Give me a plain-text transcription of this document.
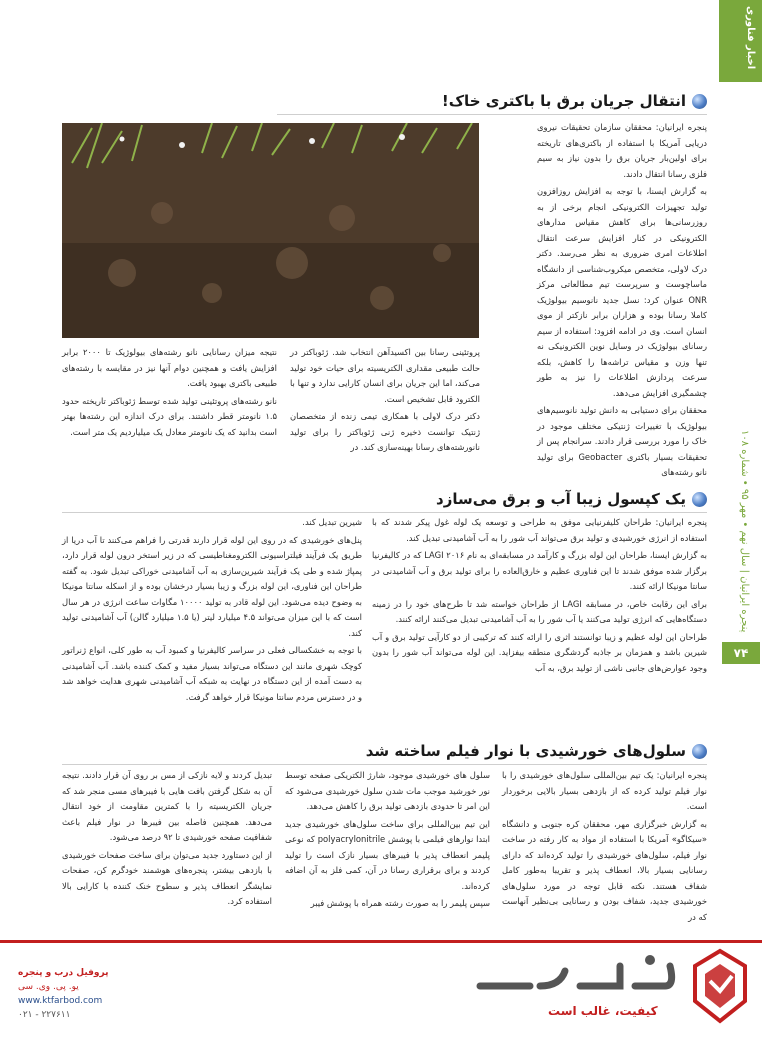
اخبار فناوری
پنجره ایرانیان | سال نهم • مهر ۹۵ • شماره ۱۰۸
۷۴
انتقال جریان برق با باکتری خاک!

پنجره ایرانیان: محققان سازمان تحقیقات نیروی دریایی آمریکا با استفاده از باکتری‌های تاریخته برای اولین‌بار جریان برق را بدون نیاز به سیم فلزی رسانا انتقال دادند.

به گزارش ایسنا، با توجه به افزایش روزافزون تولید تجهیزات الکترونیکی انجام برخی از به روزرسانی‌ها برای کاهش مقیاس مدارهای الکترونیکی در کنار افزایش سرعت انتقال اطلاعات امری ضروری به نظر می‌رسد. دکتر درک لاولی، متخصص میکروب‌شناسی از دانشگاه ماساچوست و سرپرست تیم مطالعاتی مرکز ONR عنوان کرد: نسل جدید نانوسیم بیولوژیک کاملا رسانا بوده و هزاران برابر نازکتر از موی انسان است. وی در ادامه افزود: استفاده از سیم رسانای بیولوژیک در وسایل نوین الکترونیکی نه تنها وزن و مقیاس تراشه‌ها را کاهش، بلکه سرعت پردازش اطلاعات را نیز به طور چشمگیری افزایش می‌دهد.

محققان برای دستیابی به دانش تولید نانوسیم‌های بیولوژیک با تغییرات ژنتیکی مختلف موجود در خاک را مورد بررسی قرار دادند. سرانجام پس از تحقیقات بسیار باکتری Geobacter برای تولید نانو رشته‌های

پروتئینی رسانا بین اکسیدآهن انتخاب شد. ژئوباکتر در حالت طبیعی مقداری الکتریسیته برای حیات خود تولید می‌کند، اما این جریان برای انسان کارایی ندارد و تنها با الکترود قابل تشخیص است.

دکتر درک لاولی با همکاری تیمی زنده از متخصصان ژنتیک توانست ذخیره ژنی ژئوباکتر را برای تولید نانورشته‌های رسانا بهینه‌سازی کند. در

نتیجه میزان رسانایی نانو رشته‌های بیولوژیک تا ۲۰۰۰ برابر افزایش یافت و همچنین دوام آنها نیز در مقایسه با رشته‌های طبیعی باکتری بهبود یافت.

نانو رشته‌های پروتئینی تولید شده توسط ژئوباکتر تاریخته حدود ۱.۵ نانومتر قطر داشتند. برای درک اندازه این رشته‌ها بهتر است بدانید که یک نانومتر معادل یک میلیاردیم یک متر است.

یک کپسول زیبا آب و برق می‌سازد

پنجره ایرانیان: طراحان کلیفرنیایی موفق به طراحی و توسعه یک لوله غول پیکر شدند که با استفاده از انرژی خورشیدی و تولید برق می‌تواند آب شور را به آب آشامیدنی تبدیل کند.

به گزارش ایسنا، طراحان این لوله بزرگ و کارآمد در مسابقه‌ای به نام LAGI ۲۰۱۶ که در کالیفرنیا برگزار شده موفق شدند تا این فناوری عظیم و خارق‌العاده را برای تولید برق و آب آشامیدنی در سانتا مونیکا ارائه کنند.

برای این رقابت خاص، در مسابقه LAGI از طراحان خواسته شد تا طرح‌های خود را در زمینه دستگاه‌هایی که انرژی تولید می‌کنند یا آب شور را به آب آشامیدنی تبدیل می‌کنند ارائه کنند.

طراحان این لوله عظیم و زیبا توانستند اثری را ارائه کنند که ترکیبی از دو کارآیی تولید برق و آب شیرین باشد و همزمان بر جاذبه گردشگری منطقه بیفزاید. این لوله می‌تواند آب شور را بدون وجود عوارض‌های جانبی ناشی از تولید برق، به آب

شیرین تبدیل کند.

پنل‌های خورشیدی که در روی این لوله قرار دارند قدرتی را فراهم می‌کنند تا آب دریا از طریق یک فرآیند فیلتراسیونی الکترومغناطیسی که در زیر استخر درون لوله قرار دارد، پمپاژ شده و طی یک فرآیند شیرین‌سازی به آب آشامیدنی خوراکی تبدیل شود. به گفته طراحان این فناوری، این لوله بزرگ و زیبا بسیار درخشان بوده و از اسکله سانتا مونیکا به وضوح دیده می‌شود. این لوله قادر به تولید ۱۰۰۰۰ مگاوات ساعت انرژی در هر سال است که با این میزان می‌تواند ۴.۵ میلیارد لیتر (یا ۱.۵ میلیارد گالن) آب آشامیدنی تولید کند.

با توجه به خشکسالی فعلی در سراسر کالیفرنیا و کمبود آب به طور کلی، انواع ژنراتور کوچک شهری مانند این دستگاه می‌تواند بسیار مفید و کمک کننده باشد. آب آشامیدنی به دست آمده از این دستگاه در نهایت به شبکه آب آشامیدنی شهری هدایت خواهد شد و در دسترس مردم سانتا مونیکا قرار خواهد گرفت.

سلول‌های خورشیدی با نوار فیلم ساخته شد

پنجره ایرانیان: یک تیم بین‌المللی سلول‌های خورشیدی را با نوار فیلم تولید کرده که از بازدهی بسیار بالایی برخوردار است.

به گزارش خبرگزاری مهر، محققان کره جنوبی و دانشگاه «سیکاگو» آمریکا با استفاده از مواد به کار رفته در ساخت نوار فیلم، سلول‌های خورشیدی را تولید کرده‌اند که دارای رسانایی بسیار بالا، انعطاف پذیر و تقریبا به‌طور کامل شفاف هستند. نکته قابل توجه در مورد سلول‌های خورشیدی جدید، شفاف بودن و رسانایی بی‌نظیر آنهاست که در

سلول های خورشیدی موجود، شارژ الکتریکی صفحه توسط نور خورشید موجب مات شدن سلول خورشیدی می‌شود که این امر تا حدودی بازدهی تولید برق را کاهش می‌دهد.

این تیم بین‌المللی برای ساخت سلول‌های خورشیدی جدید ابتدا نوارهای فیلمی با پوشش polyacrylonitrile که نوعی پلیمر انعطاف پذیر با فیبرهای بسیار نازک است را تولید کردند و برای برقراری رسانا در آن، کمی فلز به آن اضافه کرده‌اند.

سپس پلیمر را به صورت رشته همراه با پوشش فیبر

تبدیل کردند و لایه نازکی از مس بر روی آن قرار دادند. نتیجه آن به شکل گرفتن بافت هایی با فیبرهای مسی منجر شد که جریان الکتریسیته را با کمترین مقاومت از خود انتقال می‌دهد. همچنین فاصله بین فیبرها در نوار فیلم باعث شفافیت صفحه خورشیدی تا ۹۲ درصد می‌شود.

از این دستاورد جدید می‌توان برای ساخت صفحات خورشیدی با بازدهی بیشتر، پنجره‌های هوشمند خودگرم کن، صفحات نمایشگر انعطاف پذیر و سطوح خنک کننده با کارایی بالا استفاده کرد.

پروفیل درب و پنجره
یو. پی. وی. سی
www.ktfarbod.com
۰۲۱ - ۲۲۷۶۱۱	کیفیت، غالب است
